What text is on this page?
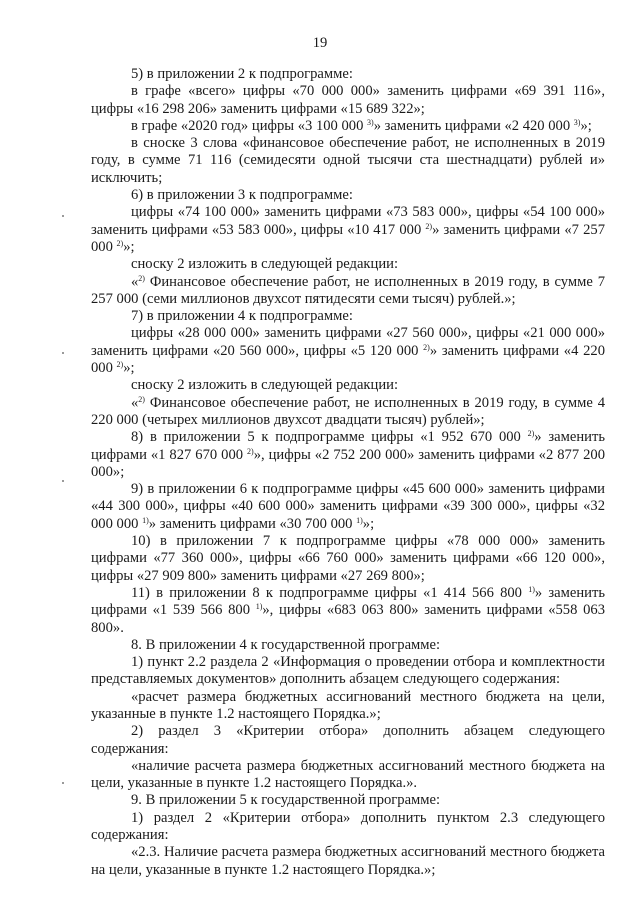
19

5) в приложении 2 к подпрограмме:

в графе «всего» цифры «70 000 000» заменить цифрами «69 391 116», цифры «16 298 206» заменить цифрами «15 689 322»;

в графе «2020 год» цифры «3 100 000 $^{3)}$» заменить цифрами «2 420 000 $^{3)}$»;

в сноске 3 слова «финансовое обеспечение работ, не исполненных в 2019 году, в сумме 71 116 (семидесяти одной тысячи ста шестнадцати) рублей и» исключить;

6) в приложении 3 к подпрограмме:

цифры «74 100 000» заменить цифрами «73 583 000», цифры «54 100 000» заменить цифрами «53 583 000», цифры «10 417 000 $^{2)}$» заменить цифрами «7 257 000 $^{2)}$»;

сноску 2 изложить в следующей редакции:

«$^{2)}$ Финансовое обеспечение работ, не исполненных в 2019 году, в сумме 7 257 000 (семи миллионов двухсот пятидесяти семи тысяч) рублей.»;

7) в приложении 4 к подпрограмме:

цифры «28 000 000» заменить цифрами «27 560 000», цифры «21 000 000» заменить цифрами «20 560 000», цифры «5 120 000 $^{2)}$» заменить цифрами «4 220 000 $^{2)}$»;

сноску 2 изложить в следующей редакции:

«$^{2)}$ Финансовое обеспечение работ, не исполненных в 2019 году, в сумме 4 220 000 (четырех миллионов двухсот двадцати тысяч) рублей»;

8) в приложении 5 к подпрограмме цифры «1 952 670 000 $^{2)}$» заменить цифрами «1 827 670 000 $^{2)}$», цифры «2 752 200 000» заменить цифрами «2 877 200 000»;

9) в приложении 6 к подпрограмме цифры «45 600 000» заменить цифрами «44 300 000», цифры «40 600 000» заменить цифрами «39 300 000», цифры «32 000 000 $^{1)}$» заменить цифрами «30 700 000 $^{1)}$»;

10) в приложении 7 к подпрограмме цифры «78 000 000» заменить цифрами «77 360 000», цифры «66 760 000» заменить цифрами «66 120 000», цифры «27 909 800» заменить цифрами «27 269 800»;

11) в приложении 8 к подпрограмме цифры «1 414 566 800 $^{1)}$» заменить цифрами «1 539 566 800 $^{1)}$», цифры «683 063 800» заменить цифрами «558 063 800».

8. В приложении 4 к государственной программе:

1) пункт 2.2 раздела 2 «Информация о проведении отбора и комплектности представляемых документов» дополнить абзацем следующего содержания:

«расчет размера бюджетных ассигнований местного бюджета на цели, указанные в пункте 1.2 настоящего Порядка.»;

2) раздел 3 «Критерии отбора» дополнить абзацем следующего содержания:

«наличие расчета размера бюджетных ассигнований местного бюджета на цели, указанные в пункте 1.2 настоящего Порядка.».

9. В приложении 5 к государственной программе:

1) раздел 2 «Критерии отбора» дополнить пунктом 2.3 следующего содержания:

«2.3. Наличие расчета размера бюджетных ассигнований местного бюджета на цели, указанные в пункте 1.2 настоящего Порядка.»;
